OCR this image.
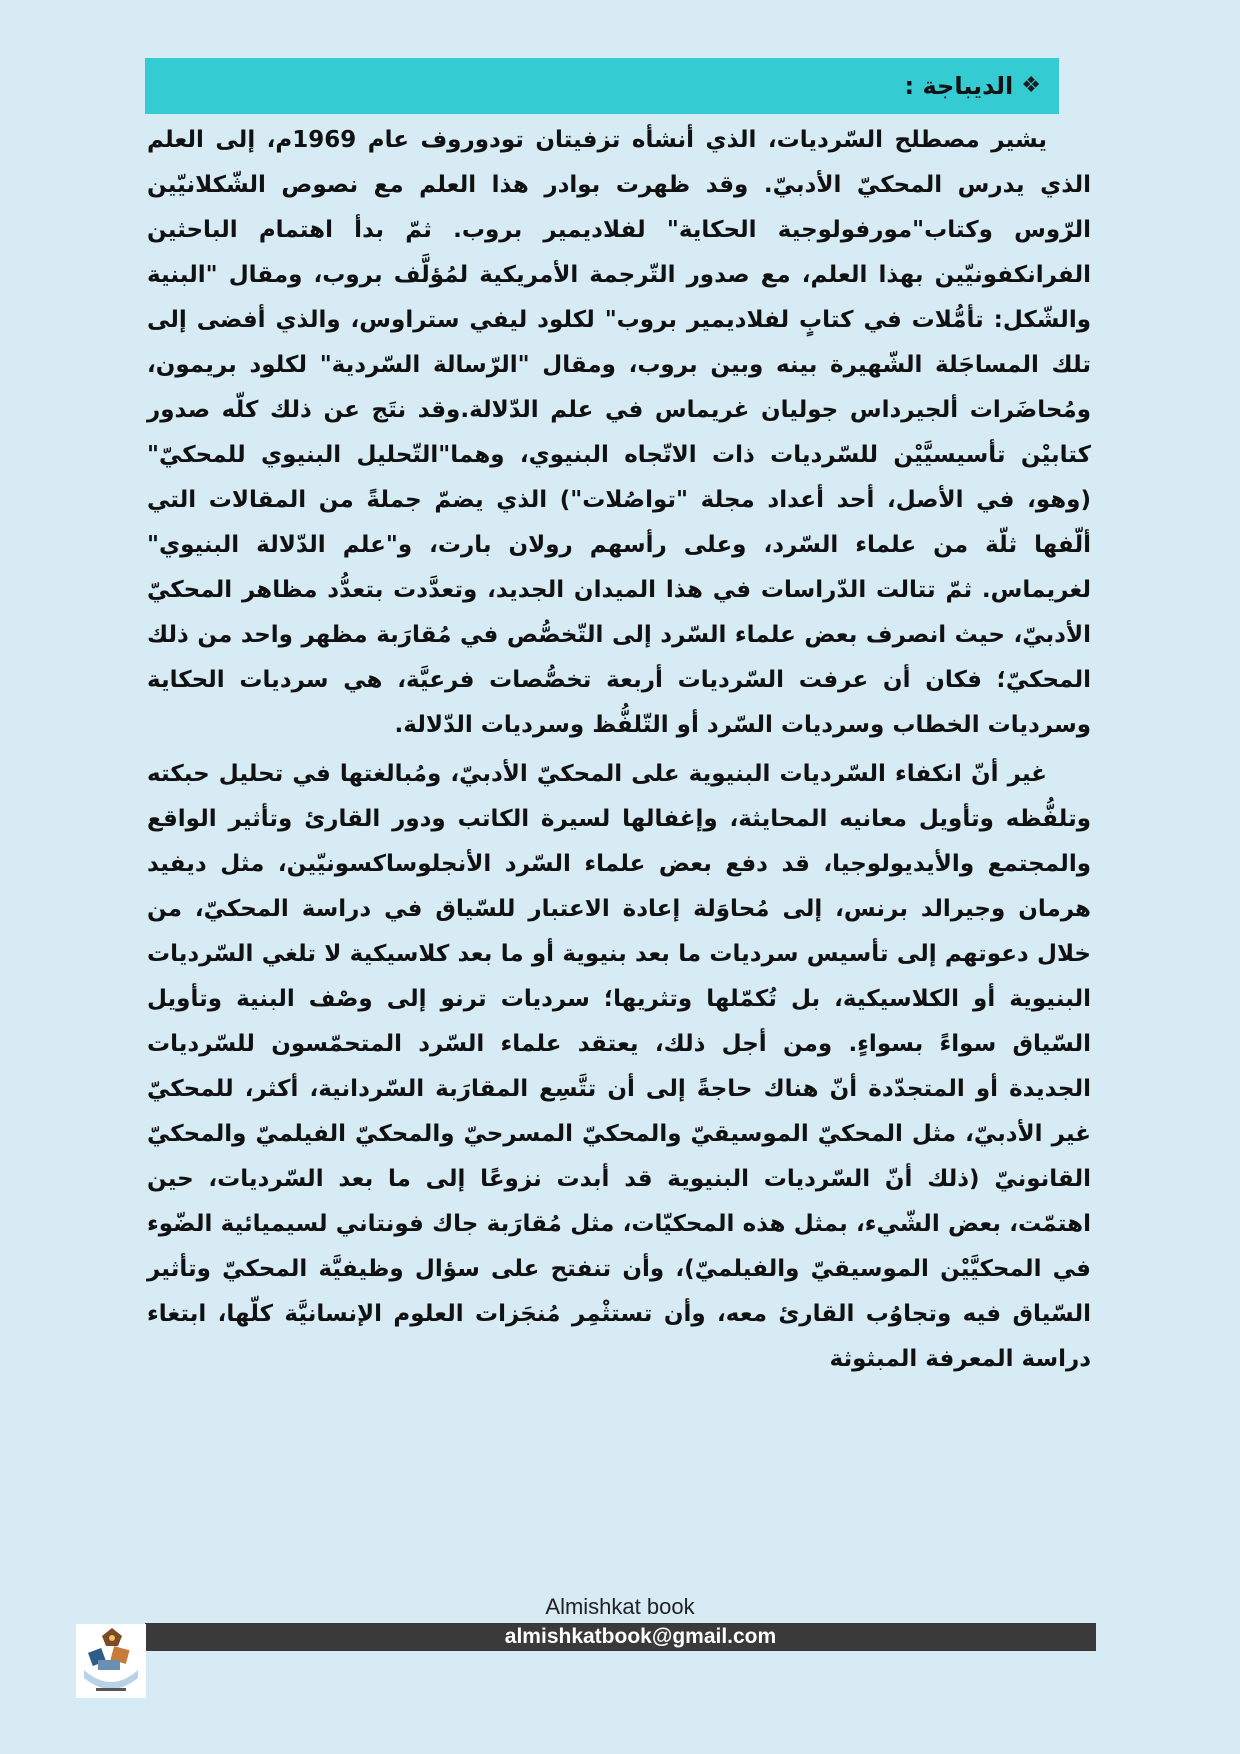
❖
الديباجة :

يشير مصطلح السّرديات، الذي أنشأه تزفيتان تودوروف عام 1969م، إلى العلم الذي يدرس المحكيّ الأدبيّ. وقد ظهرت بوادر هذا العلم مع نصوص الشّكلانيّين الرّوس وكتاب"مورفولوجية الحكاية" لفلاديمير بروب. ثمّ بدأ اهتمام الباحثين الفرانكفونيّين بهذا العلم، مع صدور التّرجمة الأمريكية لمُؤلَّف بروب، ومقال "البنية والشّكل: تأمُّلات في كتابٍ لفلاديمير بروب" لكلود ليفي ستراوس، والذي أفضى إلى تلك المساجَلة الشّهيرة بينه وبين بروب، ومقال "الرّسالة السّردية" لكلود بريمون، ومُحاضَرات ألجيرداس جوليان غريماس في علم الدّلالة.وقد نتَج عن ذلك كلّه صدور كتابيْن تأسيسيَّيْن للسّرديات ذات الاتّجاه البنيوي، وهما"التّحليل البنيوي للمحكيّ" (وهو، في الأصل، أحد أعداد مجلة "تواصُلات") الذي يضمّ جملةً من المقالات التي ألّفها ثلّة من علماء السّرد، وعلى رأسهم رولان بارت، و"علم الدّلالة البنيوي" لغريماس. ثمّ تتالت الدّراسات في هذا الميدان الجديد، وتعدَّدت بتعدُّد مظاهر المحكيّ الأدبيّ، حيث انصرف بعض علماء السّرد إلى التّخصُّص في مُقارَبة مظهر واحد من ذلك المحكيّ؛ فكان أن عرفت السّرديات أربعة تخصُّصات فرعيَّة، هي سرديات الحكاية وسرديات الخطاب وسرديات السّرد أو التّلفُّظ وسرديات الدّلالة.

غير أنّ انكفاء السّرديات البنيوية على المحكيّ الأدبيّ، ومُبالغتها في تحليل حبكته وتلفُّظه وتأويل معانيه المحايثة، وإغفالها لسيرة الكاتب ودور القارئ وتأثير الواقع والمجتمع والأيديولوجيا، قد دفع بعض علماء السّرد الأنجلوساكسونيّين، مثل ديفيد هرمان وجيرالد برنس، إلى مُحاوَلة إعادة الاعتبار للسّياق في دراسة المحكيّ، من خلال دعوتهم إلى تأسيس سرديات ما بعد بنيوية أو ما بعد كلاسيكية لا تلغي السّرديات البنيوية أو الكلاسيكية، بل تُكمّلها وتثريها؛ سرديات ترنو إلى وصْف البنية وتأويل السّياق سواءً بسواءٍ. ومن أجل ذلك، يعتقد علماء السّرد المتحمّسون للسّرديات الجديدة أو المتجدّدة أنّ هناك حاجةً إلى أن تتَّسِع المقارَبة السّردانية، أكثر، للمحكيّ غير الأدبيّ، مثل المحكيّ الموسيقيّ والمحكيّ المسرحيّ والمحكيّ الفيلميّ والمحكيّ القانونيّ (ذلك أنّ السّرديات البنيوية قد أبدت نزوعًا إلى ما بعد السّرديات، حين اهتمّت، بعض الشّيء، بمثل هذه المحكيّات، مثل مُقارَبة جاك فونتاني لسيميائية الضّوء في المحكيَّيْن الموسيقيّ والفيلميّ)، وأن تنفتح على سؤال وظيفيَّة المحكيّ وتأثير السّياق فيه وتجاوُب القارئ معه، وأن تستثْمِر مُنجَزات العلوم الإنسانيَّة كلّها، ابتغاء دراسة المعرفة المبثوثة

Almishkat book
almishkatbook@gmail.com
